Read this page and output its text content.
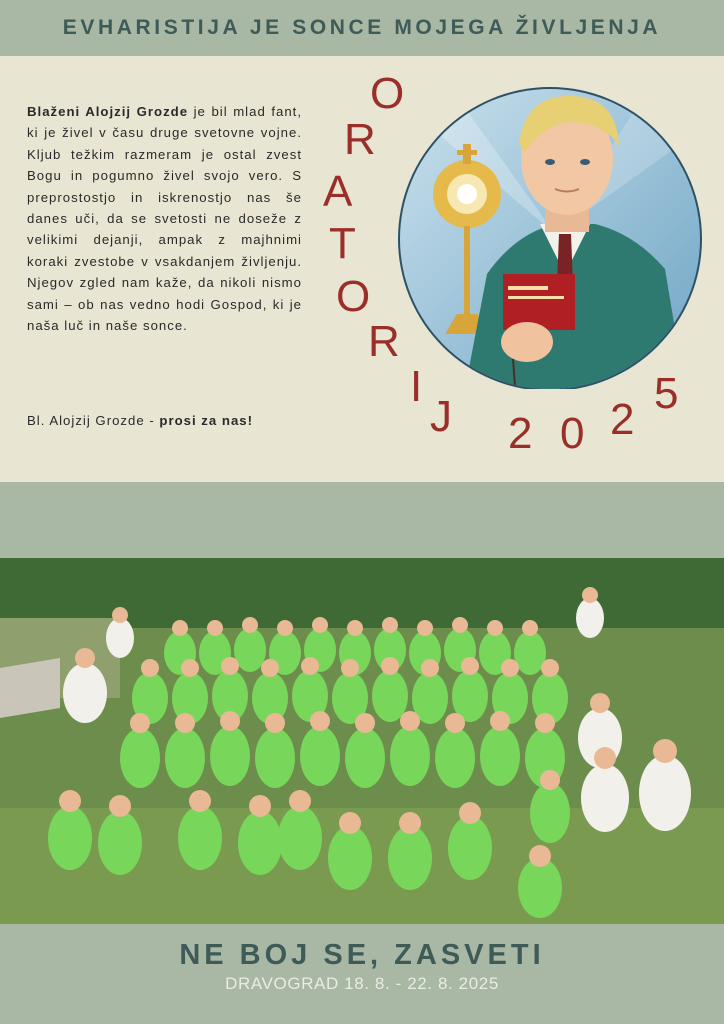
EVHARISTIJA JE SONCE MOJEGA ŽIVLJENJA
Blaženi Alojzij Grozde je bil mlad fant, ki je živel v času druge svetovne vojne. Kljub težkim razmeram je ostal zvest Bogu in pogumno živel svojo vero. S preprostostjo in iskrenostjo nas še danes uči, da se svetosti ne doseže z velikimi dejanji, ampak z majhnimi koraki zvestobe v vsakdanjem življenju. Njegov zgled nam kaže, da nikoli nismo sami – ob nas vedno hodi Gospod, ki je naša luč in naše sonce.
Bl. Alojzij Grozde - prosi za nas!
O
R
A
T
O
R
I
J 2 0 2
5
NE BOJ SE, ZASVETI
DRAVOGRAD 18. 8. - 22. 8. 2025
